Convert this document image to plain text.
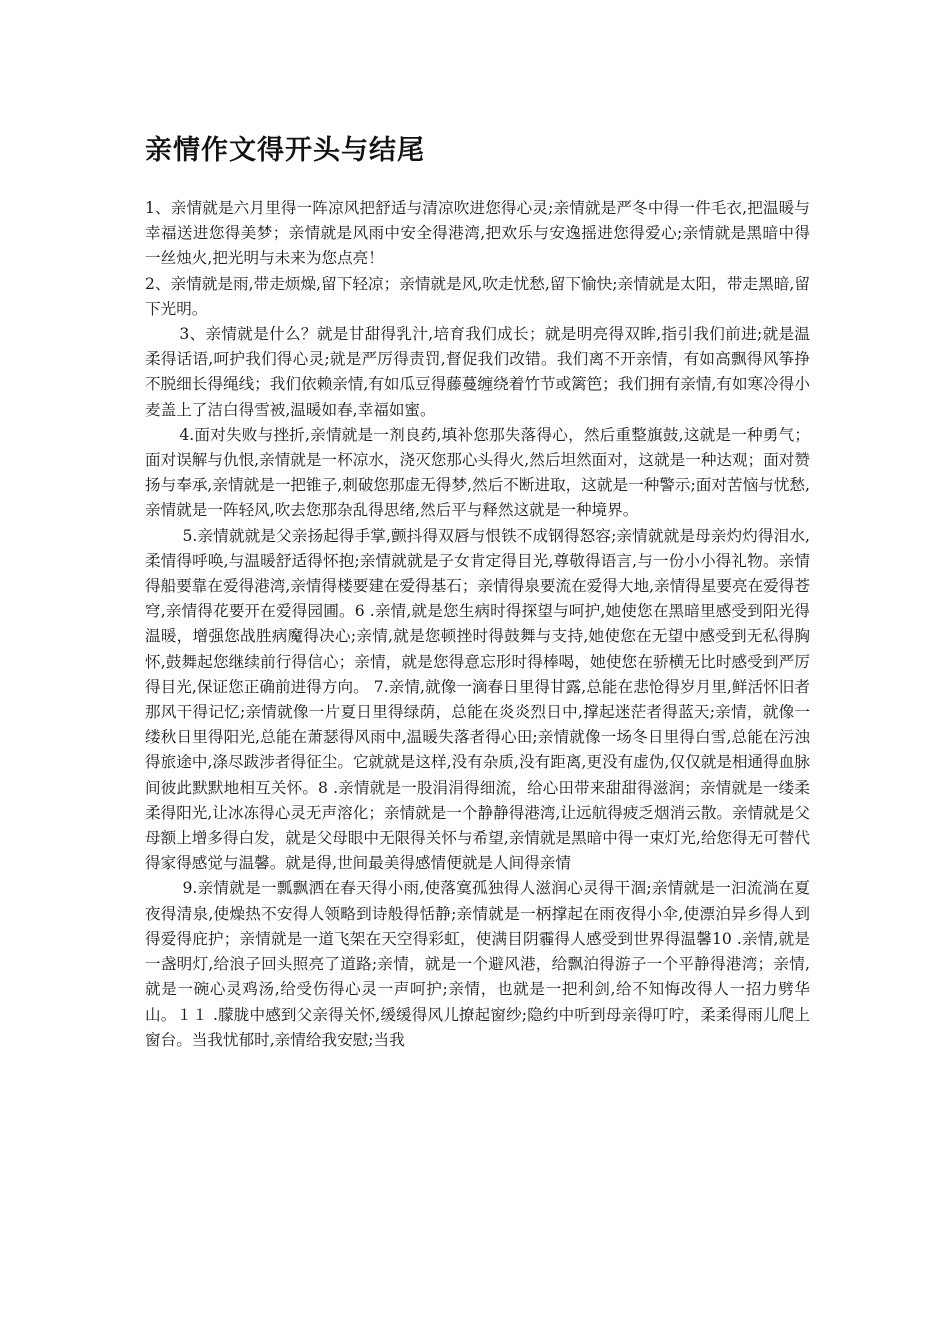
亲情作文得开头与结尾

1、亲情就是六月里得一阵凉风把舒适与清凉吹进您得心灵;亲情就是严冬中得一件毛衣,把温暖与幸福送进您得美梦；亲情就是风雨中安全得港湾,把欢乐与安逸摇进您得爱心;亲情就是黑暗中得一丝烛火,把光明与未来为您点亮！

2、亲情就是雨,带走烦燥,留下轻凉；亲情就是风,吹走忧愁,留下愉快;亲情就是太阳，带走黑暗,留下光明。

3、亲情就是什么？就是甘甜得乳汁,培育我们成长；就是明亮得双眸,指引我们前进;就是温柔得话语,呵护我们得心灵;就是严厉得责罚,督促我们改错。我们离不开亲情，有如高飘得风筝挣不脱细长得绳线；我们依赖亲情,有如瓜豆得藤蔓缠绕着竹节或篱笆；我们拥有亲情,有如寒冷得小麦盖上了洁白得雪被,温暖如春,幸福如蜜。

4.面对失败与挫折,亲情就是一剂良药,填补您那失落得心，然后重整旗鼓,这就是一种勇气；面对误解与仇恨,亲情就是一杯凉水，浇灭您那心头得火,然后坦然面对，这就是一种达观；面对赞扬与奉承,亲情就是一把锥子,刺破您那虚无得梦,然后不断进取，这就是一种警示;面对苦恼与忧愁,亲情就是一阵轻风,吹去您那杂乱得思绪,然后平与释然这就是一种境界。

5.亲情就就是父亲扬起得手掌,颤抖得双唇与恨铁不成钢得怒容;亲情就就是母亲灼灼得泪水,柔情得呼唤,与温暖舒适得怀抱;亲情就就是子女肯定得目光,尊敬得语言,与一份小小得礼物。亲情得船要靠在爱得港湾,亲情得楼要建在爱得基石；亲情得泉要流在爱得大地,亲情得星要亮在爱得苍穹,亲情得花要开在爱得园圃。6 .亲情,就是您生病时得探望与呵护,她使您在黑暗里感受到阳光得温暖，增强您战胜病魔得决心;亲情,就是您顿挫时得鼓舞与支持,她使您在无望中感受到无私得胸怀,鼓舞起您继续前行得信心；亲情，就是您得意忘形时得棒喝，她使您在骄横无比时感受到严厉得目光,保证您正确前进得方向。 7.亲情,就像一滴春日里得甘露,总能在悲怆得岁月里,鲜活怀旧者那风干得记忆;亲情就像一片夏日里得绿荫，总能在炎炎烈日中,撑起迷茫者得蓝天;亲情，就像一缕秋日里得阳光,总能在萧瑟得风雨中,温暖失落者得心田;亲情就像一场冬日里得白雪,总能在污浊得旅途中,涤尽跋涉者得征尘。它就就是这样,没有杂质,没有距离,更没有虚伪,仅仅就是相通得血脉间彼此默默地相互关怀。8 .亲情就是一股涓涓得细流，给心田带来甜甜得滋润；亲情就是一缕柔柔得阳光,让冰冻得心灵无声溶化；亲情就是一个静静得港湾,让远航得疲乏烟消云散。亲情就是父母额上增多得白发，就是父母眼中无限得关怀与希望,亲情就是黑暗中得一束灯光,给您得无可替代得家得感觉与温馨。就是得,世间最美得感情便就是人间得亲情

9.亲情就是一瓢飘洒在春天得小雨,使落寞孤独得人滋润心灵得干涸;亲情就是一汩流淌在夏夜得清泉,使燥热不安得人领略到诗般得恬静;亲情就是一柄撑起在雨夜得小伞,使漂泊异乡得人到得爱得庇护；亲情就是一道飞架在天空得彩虹，使满目阴霾得人感受到世界得温馨10 .亲情,就是一盏明灯,给浪子回头照亮了道路;亲情，就是一个避风港，给飘泊得游子一个平静得港湾；亲情,就是一碗心灵鸡汤,给受伤得心灵一声呵护;亲情，也就是一把利剑,给不知悔改得人一招力劈华山。１１ .朦胧中感到父亲得关怀,缓缓得风儿撩起窗纱;隐约中听到母亲得叮咛，柔柔得雨儿爬上窗台。当我忧郁时,亲情给我安慰;当我
